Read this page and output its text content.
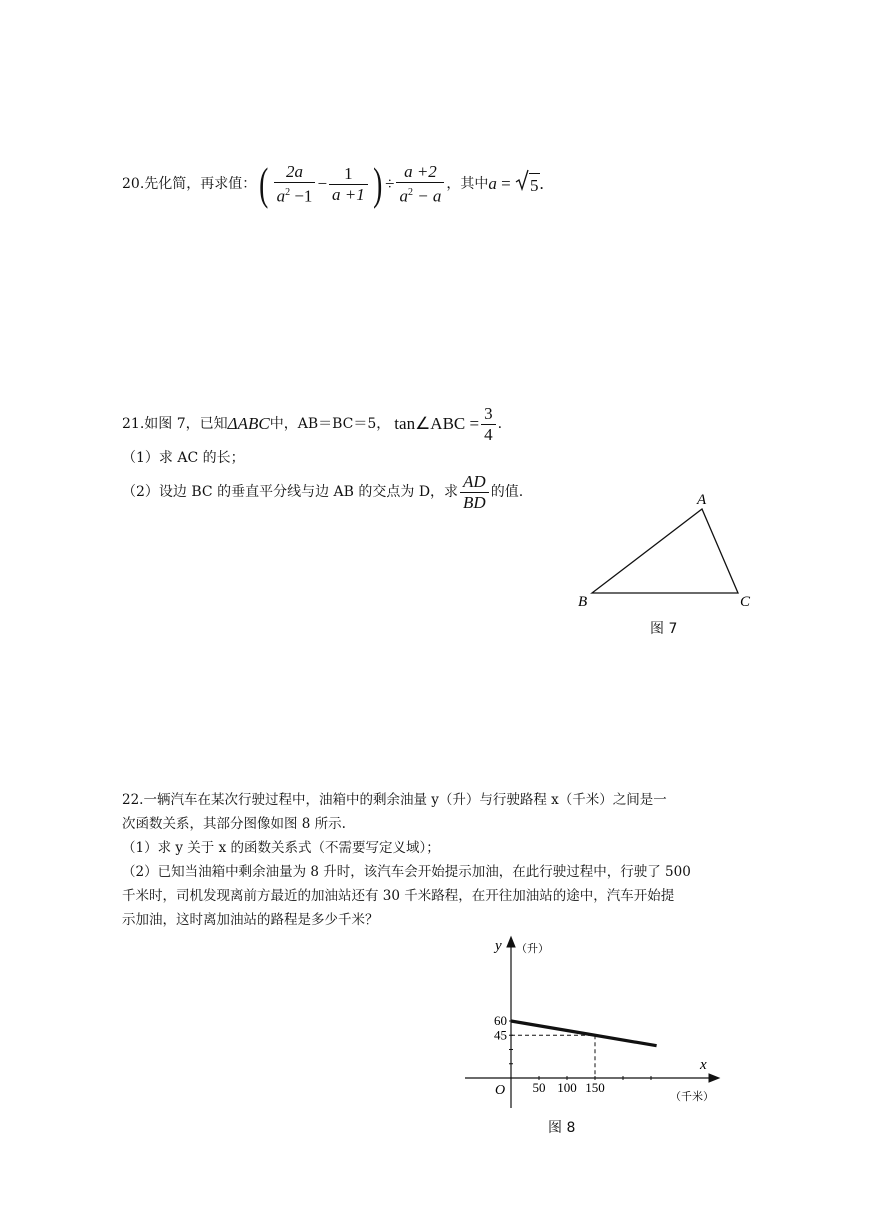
20.先化简，再求值： ( $\frac{2a}{a^2 -1} - \frac{1}{a +1}$ ) ÷ $\frac{a +2}{a^2 - a}$ ，其中 a = 5 .
21.如图 7，已知 ΔABC 中，AB＝BC＝5， tan∠ABC = $\frac{3}{4}$ .
（1）求 AC 的长；
（2）设边 BC 的垂直平分线与边 AB 的交点为 D，求 $\frac{AD}{BD}$ 的值.	A
B	C
图 7
22.一辆汽车在某次行驶过程中，油箱中的剩余油量 y（升）与行驶路程 x（千米）之间是一
次函数关系，其部分图像如图 8 所示.
（1）求 y 关于 x 的函数关系式（不需要写定义域）；
（2）已知当油箱中剩余油量为 8 升时，该汽车会开始提示加油，在此行驶过程中，行驶了 500
千米时，司机发现离前方最近的加油站还有 30 千米路程，在开往加油站的途中，汽车开始提
示加油，这时离加油站的路程是多少千米？
50 100 150
45
60
y （升）
x
（千米）
O
图 8
